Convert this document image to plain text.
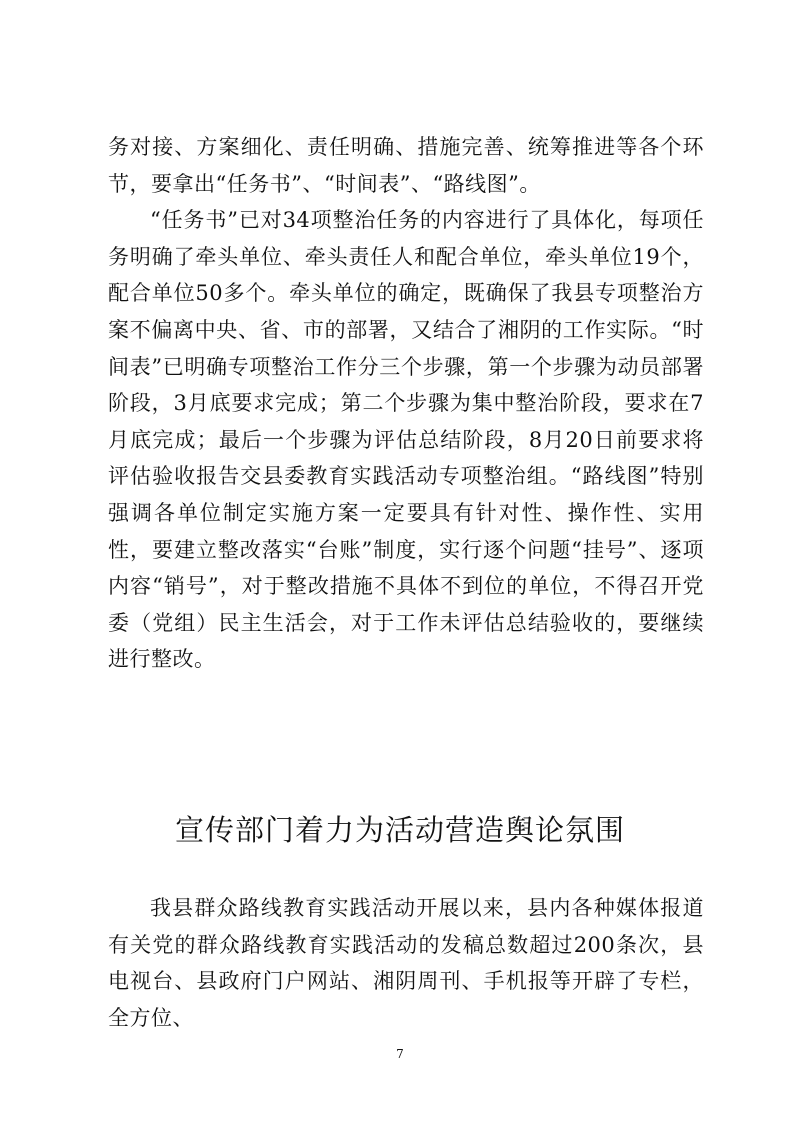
务对接、方案细化、责任明确、措施完善、统筹推进等各个环节，要拿出“任务书”、“时间表”、“路线图”。

“任务书”已对34项整治任务的内容进行了具体化，每项任务明确了牵头单位、牵头责任人和配合单位，牵头单位19个，配合单位50多个。牵头单位的确定，既确保了我县专项整治方案不偏离中央、省、市的部署，又结合了湘阴的工作实际。“时间表”已明确专项整治工作分三个步骤，第一个步骤为动员部署阶段，3月底要求完成；第二个步骤为集中整治阶段，要求在7月底完成；最后一个步骤为评估总结阶段，8月20日前要求将评估验收报告交县委教育实践活动专项整治组。“路线图”特别强调各单位制定实施方案一定要具有针对性、操作性、实用性，要建立整改落实“台账”制度，实行逐个问题“挂号”、逐项内容“销号”，对于整改措施不具体不到位的单位，不得召开党委（党组）民主生活会，对于工作未评估总结验收的，要继续进行整改。

宣传部门着力为活动营造舆论氛围

我县群众路线教育实践活动开展以来，县内各种媒体报道有关党的群众路线教育实践活动的发稿总数超过200条次，县电视台、县政府门户网站、湘阴周刊、手机报等开辟了专栏，全方位、

7
